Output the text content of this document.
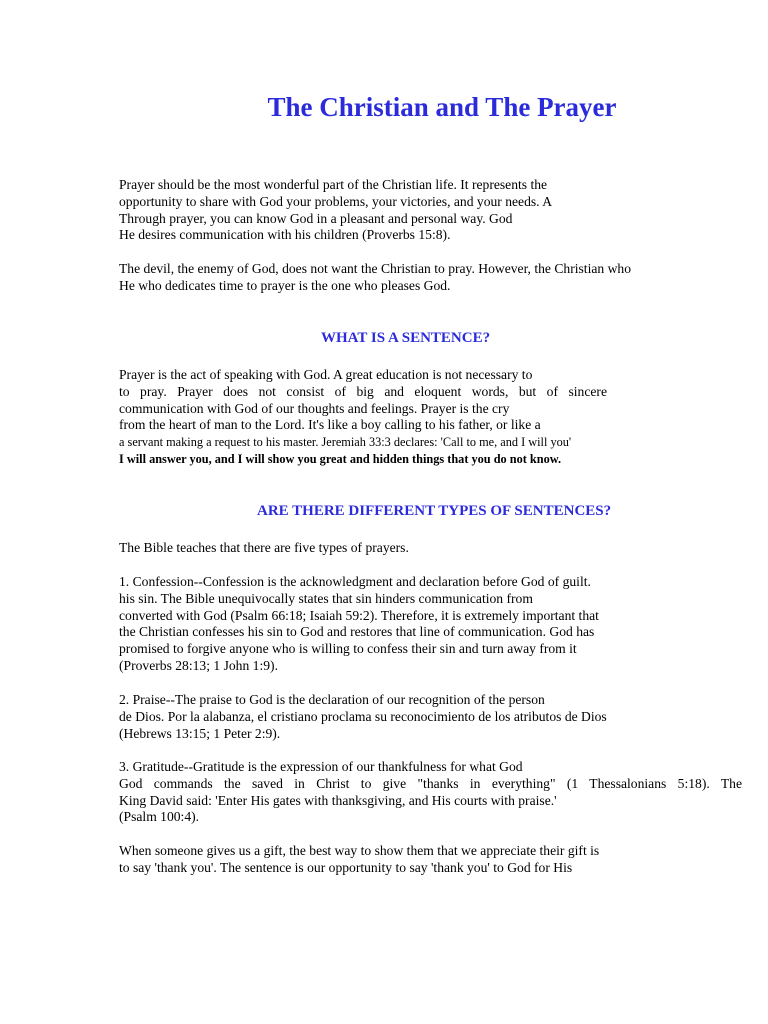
The Christian and The Prayer
Prayer should be the most wonderful part of the Christian life. It represents the
opportunity to share with God your problems, your victories, and your needs. A
Through prayer, you can know God in a pleasant and personal way. God
He desires communication with his children (Proverbs 15:8).
The devil, the enemy of God, does not want the Christian to pray. However, the Christian who
He who dedicates time to prayer is the one who pleases God.
WHAT IS A SENTENCE?
Prayer is the act of speaking with God. A great education is not necessary to
to pray. Prayer does not consist of big and eloquent words, but of sincere
communication with God of our thoughts and feelings. Prayer is the cry
from the heart of man to the Lord. It's like a boy calling to his father, or like a
a servant making a request to his master. Jeremiah 33:3 declares: 'Call to me, and I will you'
I will answer you, and I will show you great and hidden things that you do not know.
ARE THERE DIFFERENT TYPES OF SENTENCES?
The Bible teaches that there are five types of prayers.
1. Confession--Confession is the acknowledgment and declaration before God of guilt.
his sin. The Bible unequivocally states that sin hinders communication from
converted with God (Psalm 66:18; Isaiah 59:2). Therefore, it is extremely important that
the Christian confesses his sin to God and restores that line of communication. God has
promised to forgive anyone who is willing to confess their sin and turn away from it
(Proverbs 28:13; 1 John 1:9).
2. Praise--The praise to God is the declaration of our recognition of the person
de Dios. Por la alabanza, el cristiano proclama su reconocimiento de los atributos de Dios
(Hebrews 13:15; 1 Peter 2:9).
3. Gratitude--Gratitude is the expression of our thankfulness for what God
God commands the saved in Christ to give "thanks in everything" (1 Thessalonians 5:18). The
King David said: 'Enter His gates with thanksgiving, and His courts with praise.'
(Psalm 100:4).
When someone gives us a gift, the best way to show them that we appreciate their gift is
to say 'thank you'. The sentence is our opportunity to say 'thank you' to God for His
